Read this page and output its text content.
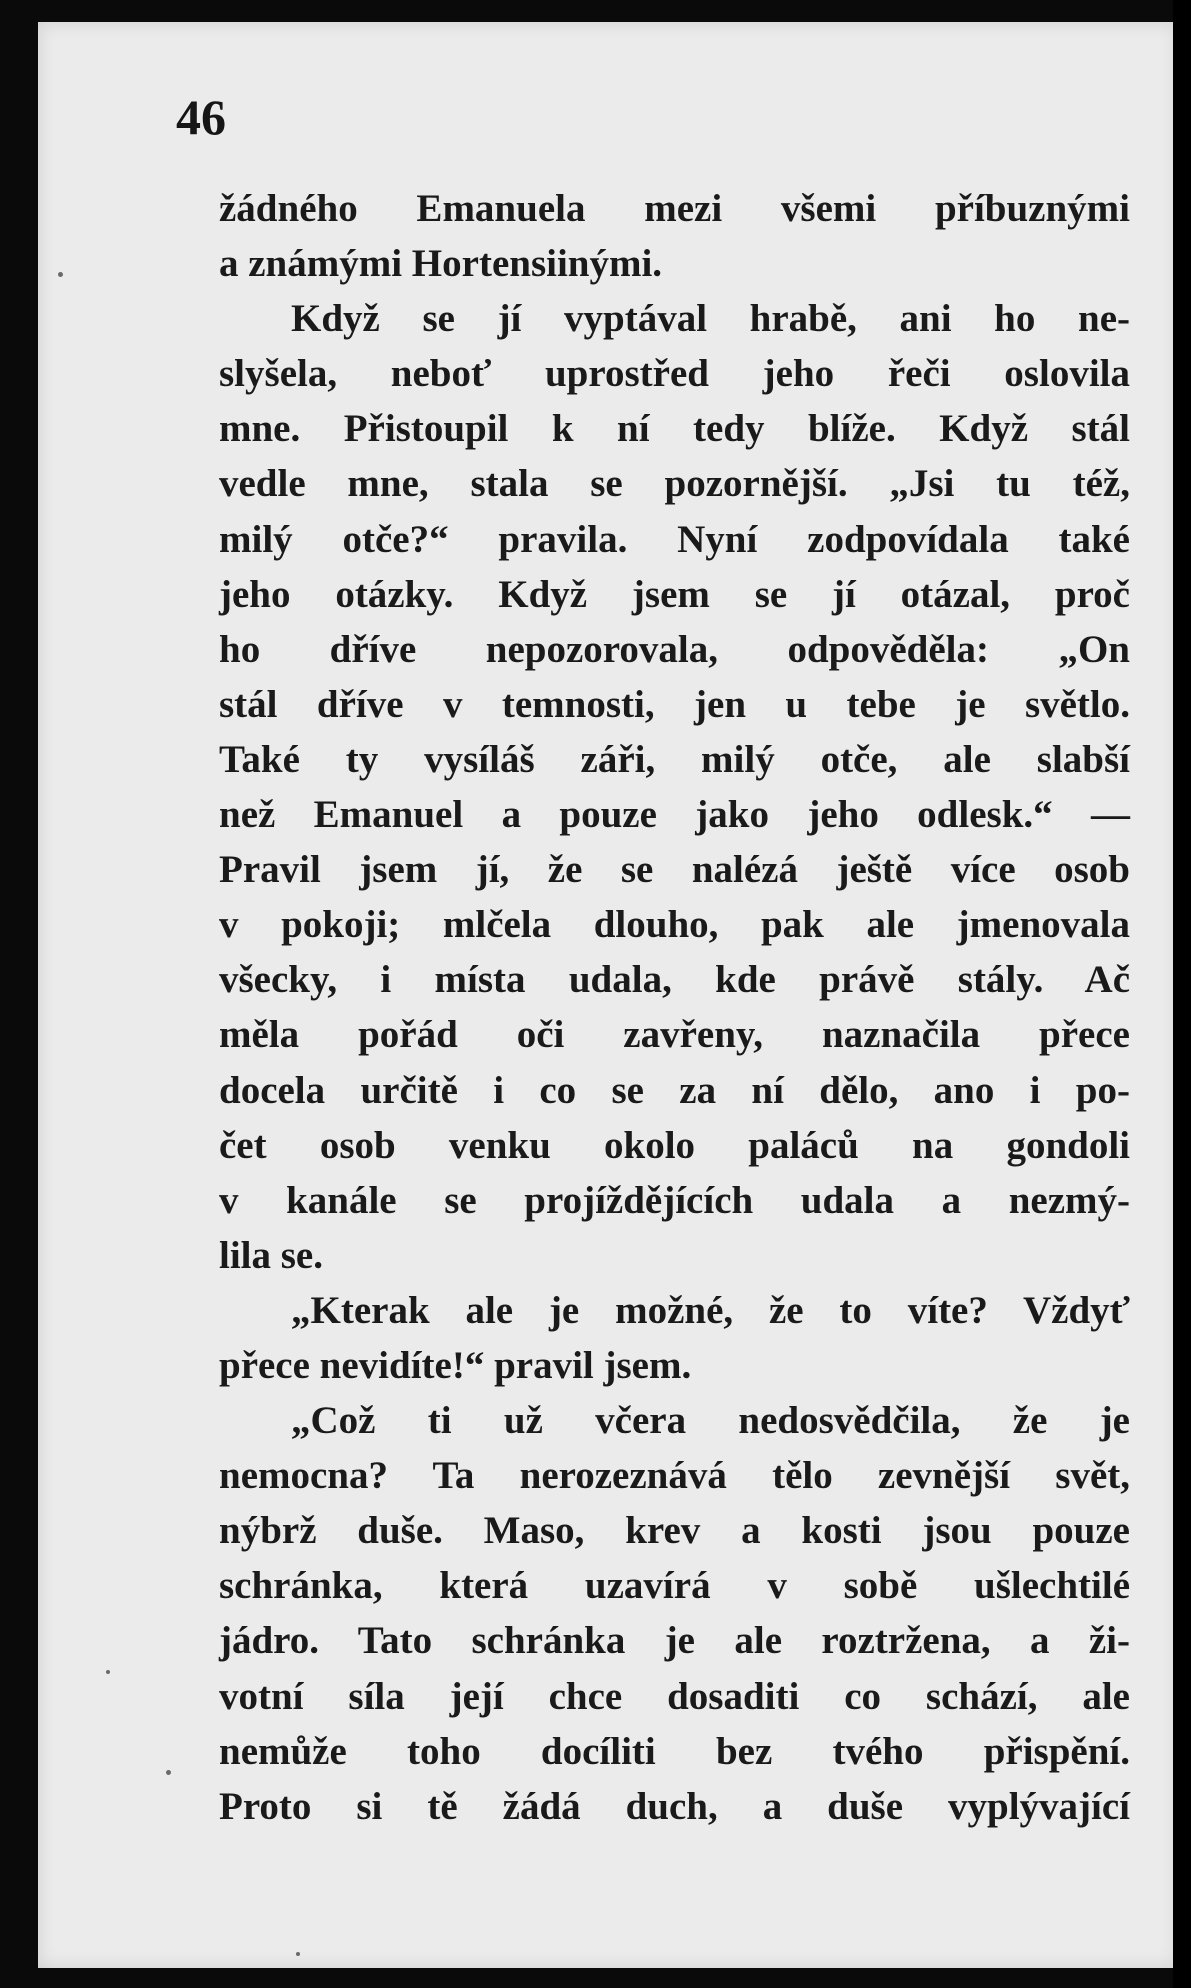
46
žádného Emanuela mezi všemi příbuznými
a známými Hortensiinými.
Když se jí vyptával hrabě, ani ho ne-
slyšela, neboť uprostřed jeho řeči oslovila
mne. Přistoupil k ní tedy blíže. Když stál
vedle mne, stala se pozornější. „Jsi tu též,
milý otče?“ pravila. Nyní zodpovídala také
jeho otázky. Když jsem se jí otázal, proč
ho dříve nepozorovala, odpověděla: „On
stál dříve v temnosti, jen u tebe je světlo.
Také ty vysíláš záři, milý otče, ale slabší
než Emanuel a pouze jako jeho odlesk.“ —
Pravil jsem jí, že se nalézá ještě více osob
v pokoji; mlčela dlouho, pak ale jmenovala
všecky, i místa udala, kde právě stály. Ač
měla pořád oči zavřeny, naznačila přece
docela určitě i co se za ní dělo, ano i po-
čet osob venku okolo paláců na gondoli
v kanále se projíždějících udala a nezmý-
lila se.
„Kterak ale je možné, že to víte? Vždyť
přece nevidíte!“ pravil jsem.
„Což ti už včera nedosvědčila, že je
nemocna? Ta nerozeznává tělo zevnější svět,
nýbrž duše. Maso, krev a kosti jsou pouze
schránka, která uzavírá v sobě ušlechtilé
jádro. Tato schránka je ale roztržena, a ži-
votní síla její chce dosaditi co schází, ale
nemůže toho docíliti bez tvého přispění.
Proto si tě žádá duch, a duše vyplývající
